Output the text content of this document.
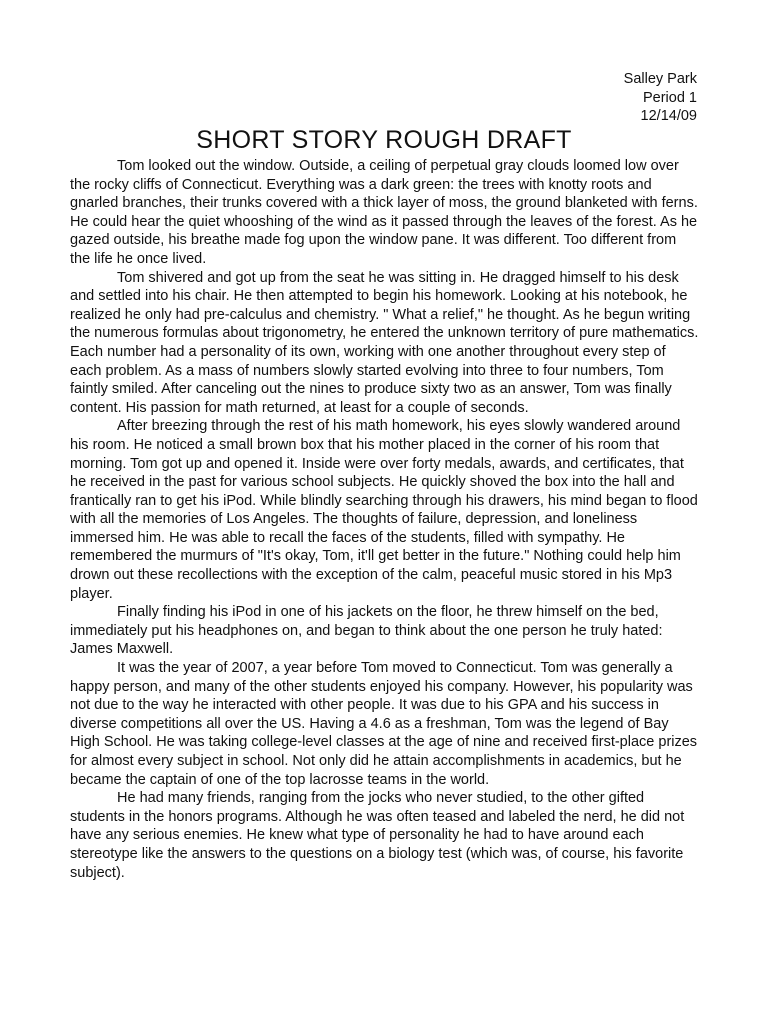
Salley Park
Period 1
12/14/09
SHORT STORY ROUGH DRAFT

Tom looked out the window. Outside, a ceiling of perpetual gray clouds loomed low over the rocky cliffs of Connecticut. Everything was a dark green: the trees with knotty roots and gnarled branches, their trunks covered with a thick layer of moss, the ground blanketed with ferns. He could hear the quiet whooshing of the wind as it passed through the leaves of the forest. As he gazed outside, his breathe made fog upon the window pane. It was different. Too different from the life he once lived.

Tom shivered and got up from the seat he was sitting in. He dragged himself to his desk and settled into his chair. He then attempted to begin his homework. Looking at his notebook, he realized he only had pre-calculus and chemistry. " What a relief," he thought. As he begun writing the numerous formulas about trigonometry, he entered the unknown territory of pure mathematics. Each number had a personality of its own, working with one another throughout every step of each problem. As a mass of numbers slowly started evolving into three to four numbers, Tom faintly smiled. After canceling out the nines to produce sixty two as an answer, Tom was finally content. His passion for math returned, at least for a couple of seconds.

After breezing through the rest of his math homework, his eyes slowly wandered around his room. He noticed a small brown box that his mother placed in the corner of his room that morning. Tom got up and opened it. Inside were over forty medals, awards, and certificates, that he received in the past for various school subjects. He quickly shoved the box into the hall and frantically ran to get his iPod. While blindly searching through his drawers, his mind began to flood with all the memories of Los Angeles. The thoughts of failure, depression, and loneliness immersed him. He was able to recall the faces of the students, filled with sympathy. He remembered the murmurs of "It's okay, Tom, it'll get better in the future." Nothing could help him drown out these recollections with the exception of the calm, peaceful music stored in his Mp3 player.

Finally finding his iPod in one of his jackets on the floor, he threw himself on the bed, immediately put his headphones on, and began to think about the one person he truly hated: James Maxwell.

It was the year of 2007, a year before Tom moved to Connecticut. Tom was generally a happy person, and many of the other students enjoyed his company. However, his popularity was not due to the way he interacted with other people. It was due to his GPA and his success in diverse competitions all over the US. Having a 4.6 as a freshman, Tom was the legend of Bay High School. He was taking college-level classes at the age of nine and received first-place prizes for almost every subject in school. Not only did he attain accomplishments in academics, but he became the captain of one of the top lacrosse teams in the world.

He had many friends, ranging from the jocks who never studied, to the other gifted students in the honors programs. Although he was often teased and labeled the nerd, he did not have any serious enemies. He knew what type of personality he had to have around each stereotype like the answers to the questions on a biology test (which was, of course, his favorite subject).
